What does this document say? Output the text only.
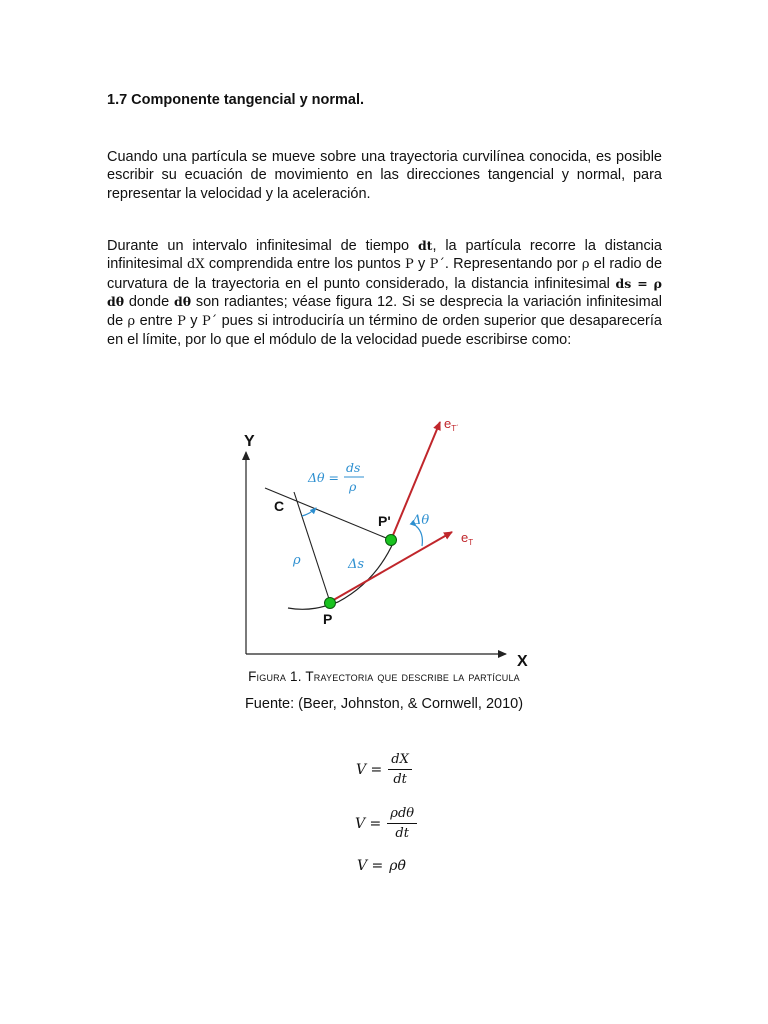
1.7 Componente tangencial y normal.

Cuando una partícula se mueve sobre una trayectoria curvilínea conocida, es posible escribir su ecuación de movimiento en las direcciones tangencial y normal, para representar la velocidad y la aceleración.

Durante un intervalo infinitesimal de tiempo dt, la partícula recorre la distancia infinitesimal dX comprendida entre los puntos P y P´. Representando por ρ el radio de curvatura de la trayectoria en el punto considerado, la distancia infinitesimal ds = ρ dθ donde dθ son radiantes; véase figura 12. Si se desprecia la variación infinitesimal de ρ entre P y P´ pues si introduciría un término de orden superior que desaparecería en el límite, por lo que el módulo de la velocidad puede escribirse como:

Y
X
C
P
P'
ρ	Δs
Δθ
Δθ =
ds
ρ
$e_{T´}$
$e_T$
Figura 1. Trayectoria que describe la partícula
Fuente: (Beer, Johnston, & Cornwell, 2010)
$V = \frac{dX}{dt}$
$V = \frac{\text{ρdθ}}{dt}$
V = ρθ̇
